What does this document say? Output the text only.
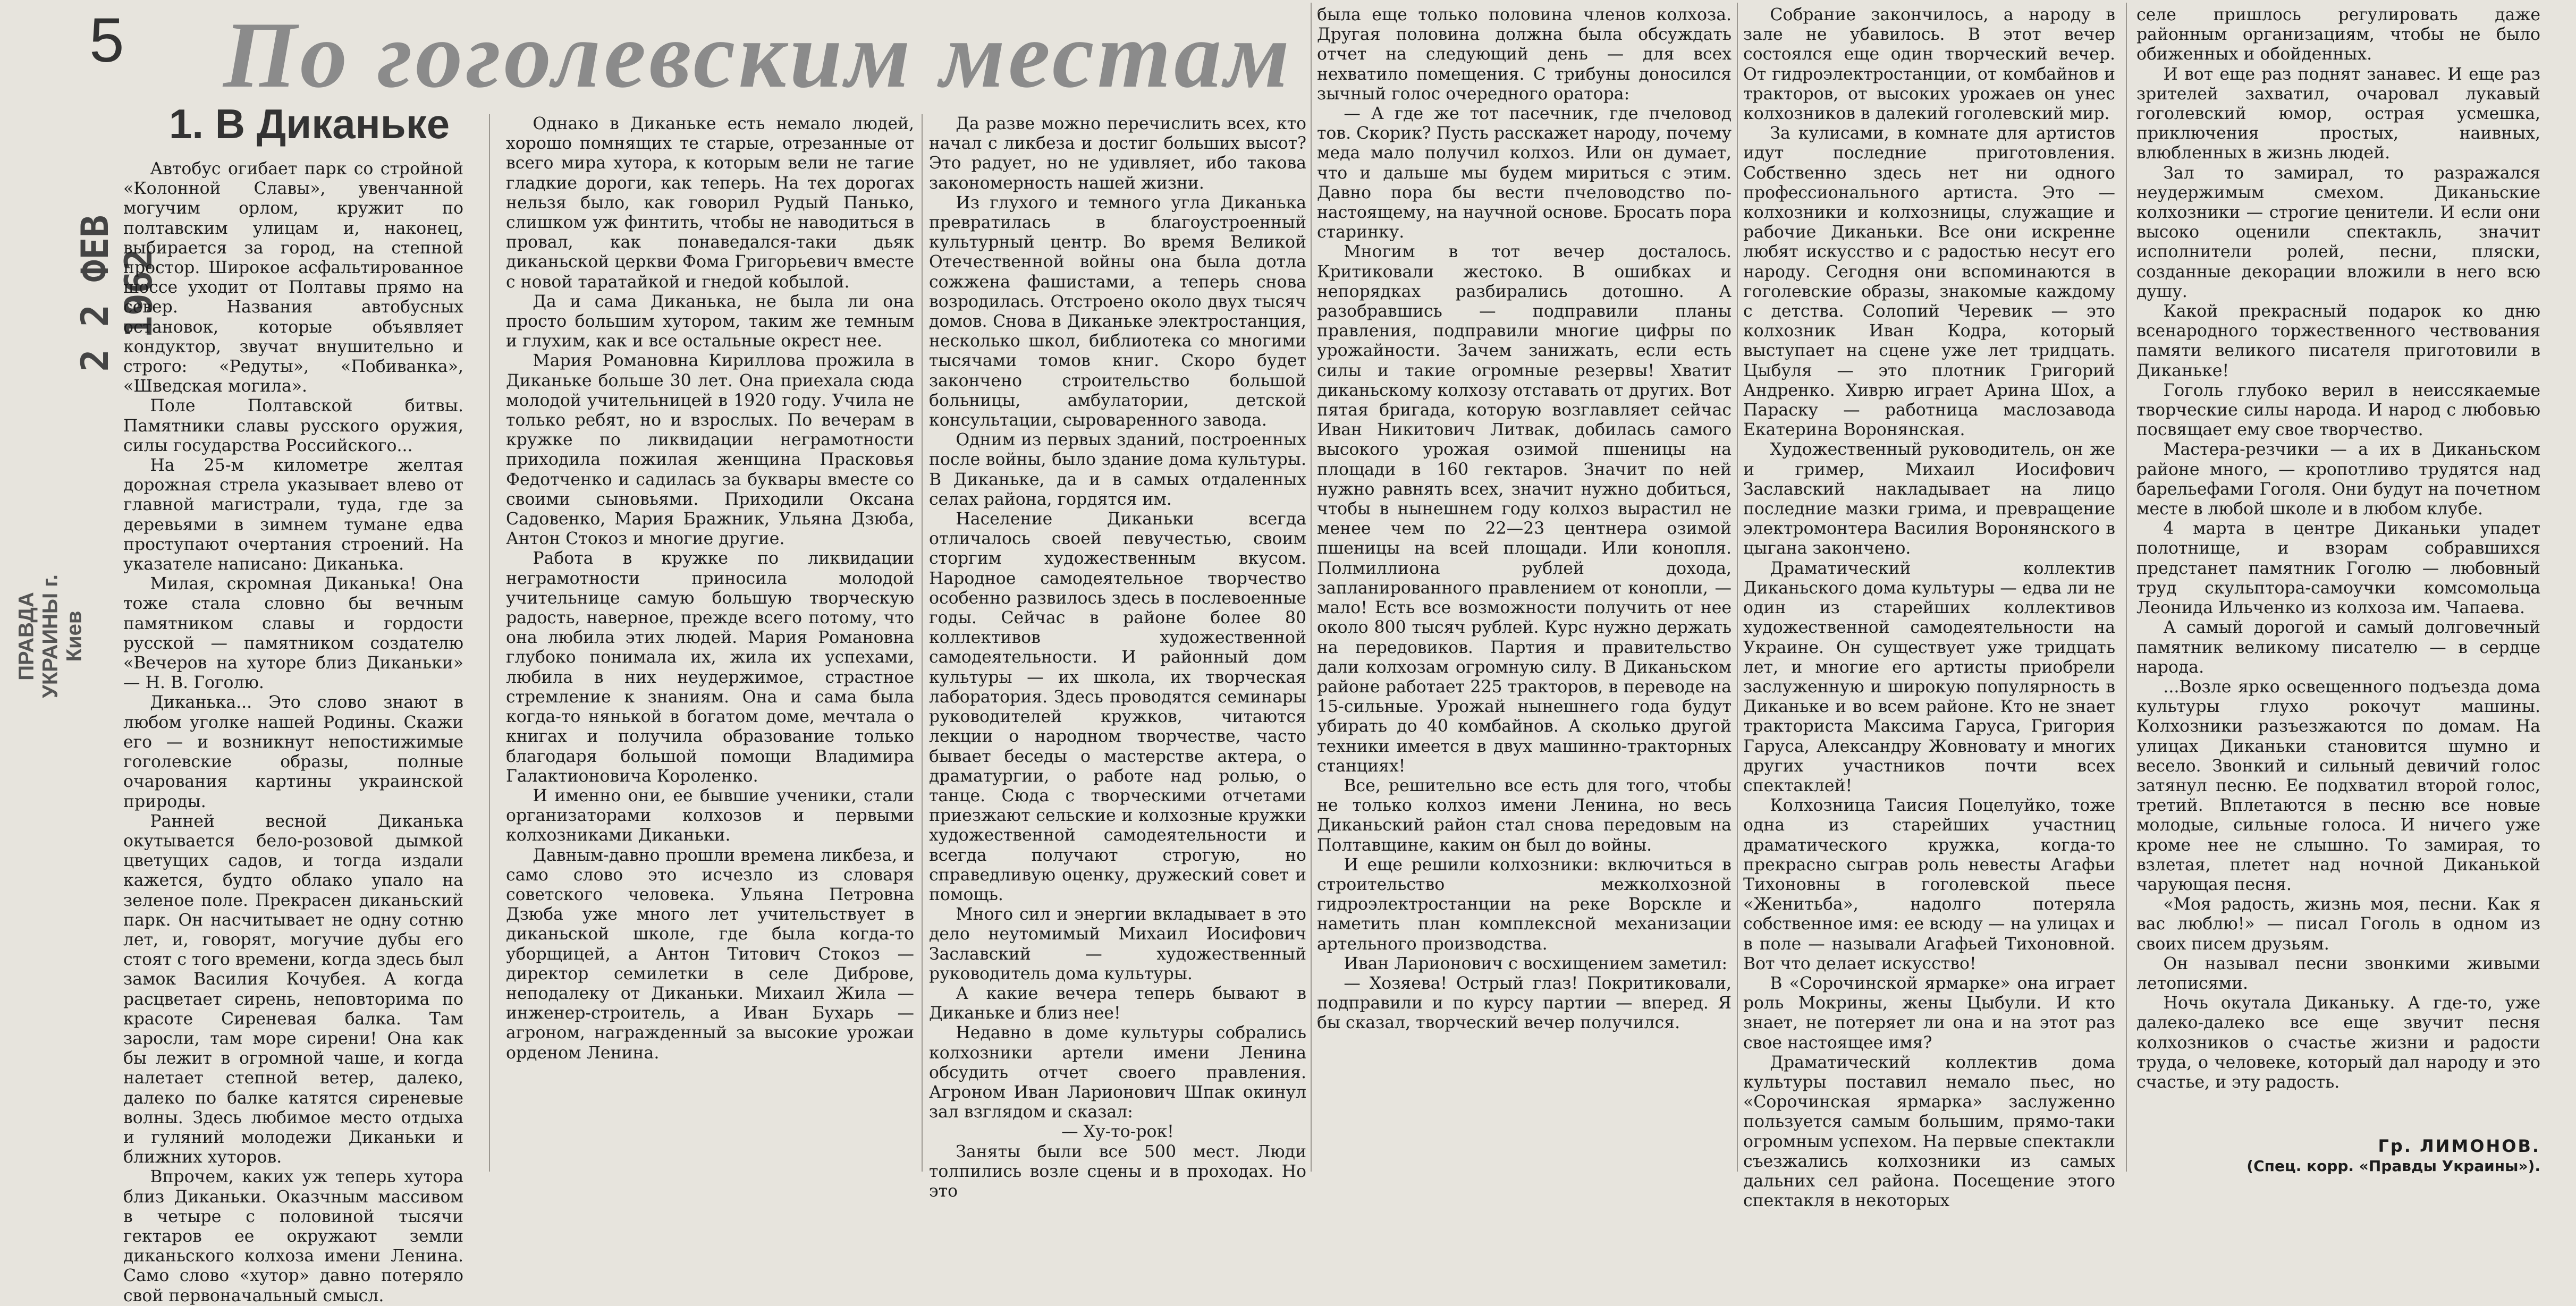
5 По гоголевским местам
1. В Диканьке
2 2 ФЕВ 1962
ПРАВДА УКРАИНЫ г. Киев

Автобус огибает парк со стройной «Колонной Славы», увенчанной могучим орлом, кружит по полтавским улицам и, наконец, выбирается за город, на степной простор. Широкое асфальтированное шоссе уходит от Полтавы прямо на север. Названия автобусных остановок, которые объявляет кондуктор, звучат внушительно и строго: «Редуты», «Побиванка», «Шведская могила».

Поле Полтавской битвы. Памятники славы русского оружия, силы государства Российского...

На 25-м километре желтая дорожная стрела указывает влево от главной магистрали, туда, где за деревьями в зимнем тумане едва проступают очертания строений. На указателе написано: Диканька.

Милая, скромная Диканька! Она тоже стала словно бы вечным памятником славы и гордости русской — памятником создателю «Вечеров на хуторе близ Диканьки» — Н. В. Гоголю.

Диканька... Это слово знают в любом уголке нашей Родины. Скажи его — и возникнут непостижимые гоголевские образы, полные очарования картины украинской природы.

Ранней весной Диканька окутывается бело-розовой дымкой цветущих садов, и тогда издали кажется, будто облако упало на зеленое поле. Прекрасен диканьский парк. Он насчитывает не одну сотню лет, и, говорят, могучие дубы его стоят с того времени, когда здесь был замок Василия Кочубея. А когда расцветает сирень, неповторима по красоте Сиреневая балка. Там заросли, там море сирени! Она как бы лежит в огромной чаше, и когда налетает степной ветер, далеко, далеко по балке катятся сиреневые волны. Здесь любимое место отдыха и гуляний молодежи Диканьки и ближних хуторов.

Впрочем, каких уж теперь хутора близ Диканьки. Оказчным массивом в четыре с половиной тысячи гектаров ее окружают земли диканьского колхоза имени Ленина. Само слово «хутор» давно потеряло свой первоначальный смысл.

Однако в Диканьке есть немало людей, хорошо помнящих те старые, отрезанные от всего мира хутора, к которым вели не тагие гладкие дороги, как теперь. На тех дорогах нельзя было, как говорил Рудый Панько, слишком уж финтить, чтобы не наводиться в провал, как понаведался-таки дьяк диканьской церкви Фома Григорьевич вместе с новой таратайкой и гнедой кобылой.

Да и сама Диканька, не была ли она просто большим хутором, таким же темным и глухим, как и все остальные окрест нее.

Мария Романовна Кириллова прожила в Диканьке больше 30 лет. Она приехала сюда молодой учительницей в 1920 году. Учила не только ребят, но и взрослых. По вечерам в кружке по ликвидации неграмотности приходила пожилая женщина Прасковья Федотченко и садилась за буквары вместе со своими сыновьями. Приходили Оксана Садовенко, Мария Бражник, Ульяна Дзюба, Антон Стокоз и многие другие.

Работа в кружке по ликвидации неграмотности приносила молодой учительнице самую большую творческую радость, наверное, прежде всего потому, что она любила этих людей. Мария Романовна глубоко понимала их, жила их успехами, любила в них неудержимое, страстное стремление к знаниям. Она и сама была когда-то нянькой в богатом доме, мечтала о книгах и получила образование только благодаря большой помощи Владимира Галактионовича Короленко.

И именно они, ее бывшие ученики, стали организаторами колхозов и первыми колхозниками Диканьки.

Давным-давно прошли времена ликбеза, и само слово это исчезло из словаря советского человека. Ульяна Петровна Дзюба уже много лет учительствует в диканьской школе, где была когда-то уборщицей, а Антон Титович Стокоз — директор семилетки в селе Диброве, неподалеку от Диканьки. Михаил Жила — инженер-строитель, а Иван Бухарь — агроном, награжденный за высокие урожаи орденом Ленина.

Да разве можно перечислить всех, кто начал с ликбеза и достиг больших высот? Это радует, но не удивляет, ибо такова закономерность нашей жизни.

Из глухого и темного угла Диканька превратилась в благоустроенный культурный центр. Во время Великой Отечественной войны она была дотла сожжена фашистами, а теперь снова возродилась. Отстроено около двух тысяч домов. Снова в Диканьке электростанция, несколько школ, библиотека со многими тысячами томов книг. Скоро будет закончено строительство большой больницы, амбулатории, детской консультации, сыроваренного завода.

Одним из первых зданий, построенных после войны, было здание дома культуры. В Диканьке, да и в самых отдаленных селах района, гордятся им.

Население Диканьки всегда отличалось своей певучестью, своим сторгим художественным вкусом. Народное самодеятельное творчество особенно развилось здесь в послевоенные годы. Сейчас в районе более 80 коллективов художественной самодеятельности. И районный дом культуры — их школа, их творческая лаборатория. Здесь проводятся семинары руководителей кружков, читаются лекции о народном творчестве, часто бывает беседы о мастерстве актера, о драматургии, о работе над ролью, о танце. Сюда с творческими отчетами приезжают сельские и колхозные кружки художественной самодеятельности и всегда получают строгую, но справедливую оценку, дружеский совет и помощь.

Много сил и энергии вкладывает в это дело неутомимый Михаил Иосифович Заславский — художественный руководитель дома культуры.

А какие вечера теперь бывают в Диканьке и близ нее!

Недавно в доме культуры собрались колхозники артели имени Ленина обсудить отчет своего правления. Агроном Иван Ларионович Шпак окинул зал взглядом и сказал:

— Ху-то-рок!

Заняты были все 500 мест. Люди толпились возле сцены и в проходах. Но это

была еще только половина членов колхоза. Другая половина должна была обсуждать отчет на следующий день — для всех нехватило помещения. С трибуны доносился зычный голос очередного оратора:

— А где же тот пасечник, где пчеловод тов. Скорик? Пусть расскажет народу, почему меда мало получил колхоз. Или он думает, что и дальше мы будем мириться с этим. Давно пора бы вести пчеловодство по-настоящему, на научной основе. Бросать пора старинку.

Многим в тот вечер досталось. Критиковали жестоко. В ошибках и непорядках разбирались дотошно. А разобравшись — подправили планы правления, подправили многие цифры по урожайности. Зачем занижать, если есть силы и такие огромные резервы! Хватит диканьскому колхозу отставать от других. Вот пятая бригада, которую возглавляет сейчас Иван Никитович Литвак, добилась самого высокого урожая озимой пшеницы на площади в 160 гектаров. Значит по ней нужно равнять всех, значит нужно добиться, чтобы в нынешнем году колхоз вырастил не менее чем по 22—23 центнера озимой пшеницы на всей площади. Или конопля. Полмиллиона рублей дохода, запланированного правлением от конопли, — мало! Есть все возможности получить от нее около 800 тысяч рублей. Курс нужно держать на передовиков. Партия и правительство дали колхозам огромную силу. В Диканьском районе работает 225 тракторов, в переводе на 15-сильные. Урожай нынешнего года будут убирать до 40 комбайнов. А сколько другой техники имеется в двух машинно-тракторных станциях!

Все, решительно все есть для того, чтобы не только колхоз имени Ленина, но весь Диканьский район стал снова передовым на Полтавщине, каким он был до войны.

И еще решили колхозники: включиться в строительство межколхозной гидроэлектростанции на реке Ворскле и наметить план комплексной механизации артельного производства.

Иван Ларионович с восхищением заметил:

— Хозяева! Острый глаз! Покритиковали, подправили и по курсу партии — вперед. Я бы сказал, творческий вечер получился.

Собрание закончилось, а народу в зале не убавилось. В этот вечер состоялся еще один творческий вечер. От гидроэлектростанции, от комбайнов и тракторов, от высоких урожаев он унес колхозников в далекий гоголевский мир.

За кулисами, в комнате для артистов идут последние приготовления. Собственно здесь нет ни одного профессионального артиста. Это — колхозники и колхозницы, служащие и рабочие Диканьки. Все они искренне любят искусство и с радостью несут его народу. Сегодня они вспоминаются в гоголевские образы, знакомые каждому с детства. Солопий Черевик — это колхозник Иван Кодра, который выступает на сцене уже лет тридцать. Цыбуля — это плотник Григорий Андренко. Хиврю играет Арина Шох, а Параску — работница маслозавода Екатерина Воронянская.

Художественный руководитель, он же и гример, Михаил Иосифович Заславский накладывает на лицо последние мазки грима, и превращение электромонтера Василия Воронянского в цыгана закончено.

Драматический коллектив Диканьского дома культуры — едва ли не один из старейших коллективов художественной самодеятельности на Украине. Он существует уже тридцать лет, и многие его артисты приобрели заслуженную и широкую популярность в Диканьке и во всем районе. Кто не знает тракториста Максима Гаруса, Григория Гаруса, Александру Жовновату и многих других участников почти всех спектаклей!

Колхозница Таисия Поцелуйко, тоже одна из старейших участниц драматического кружка, когда-то прекрасно сыграв роль невесты Агафьи Тихоновны в гоголевской пьесе «Женитьба», надолго потеряла собственное имя: ее всюду — на улицах и в поле — называли Агафьей Тихоновной. Вот что делает искусство!

В «Сорочинской ярмарке» она играет роль Мокрины, жены Цыбули. И кто знает, не потеряет ли она и на этот раз свое настоящее имя?

Драматический коллектив дома культуры поставил немало пьес, но «Сорочинская ярмарка» заслуженно пользуется самым большим, прямо-таки огромным успехом. На первые спектакли съезжались колхозники из самых дальних сел района. Посещение этого спектакля в некоторых

селе пришлось регулировать даже районным организациям, чтобы не было обиженных и обойденных.

И вот еще раз поднят занавес. И еще раз зрителей захватил, очаровал лукавый гоголевский юмор, острая усмешка, приключения простых, наивных, влюбленных в жизнь людей.

Зал то замирал, то разражался неудержимым смехом. Диканьские колхозники — строгие ценители. И если они высоко оценили спектакль, значит исполнители ролей, песни, пляски, созданные декорации вложили в него всю душу.

Какой прекрасный подарок ко дню всенародного торжественного чествования памяти великого писателя приготовили в Диканьке!

Гоголь глубоко верил в неиссякаемые творческие силы народа. И народ с любовью посвящает ему свое творчество.

Мастера-резчики — а их в Диканьском районе много, — кропотливо трудятся над барельефами Гоголя. Они будут на почетном месте в любой школе и в любом клубе.

4 марта в центре Диканьки упадет полотнище, и взорам собравшихся предстанет памятник Гоголю — любовный труд скульптора-самоучки комсомольца Леонида Ильченко из колхоза им. Чапаева.

А самый дорогой и самый долговечный памятник великому писателю — в сердце народа.

...Возле ярко освещенного подъезда дома культуры глухо рокочут машины. Колхозники разъезжаются по домам. На улицах Диканьки становится шумно и весело. Звонкий и сильный девичий голос затянул песню. Ее подхватил второй голос, третий. Вплетаются в песню все новые молодые, сильные голоса. И ничего уже кроме нее не слышно. То замирая, то взлетая, плетет над ночной Диканькой чарующая песня.

«Моя радость, жизнь моя, песни. Как я вас люблю!» — писал Гоголь в одном из своих писем друзьям.

Он называл песни звонкими живыми летописями.

Ночь окутала Диканьку. А где-то, уже далеко-далеко все еще звучит песня колхозников о счастье жизни и радости труда, о человеке, который дал народу и это счастье, и эту радость.

Гр. ЛИМОНОВ.

(Спец. корр. «Правды Украины»).
